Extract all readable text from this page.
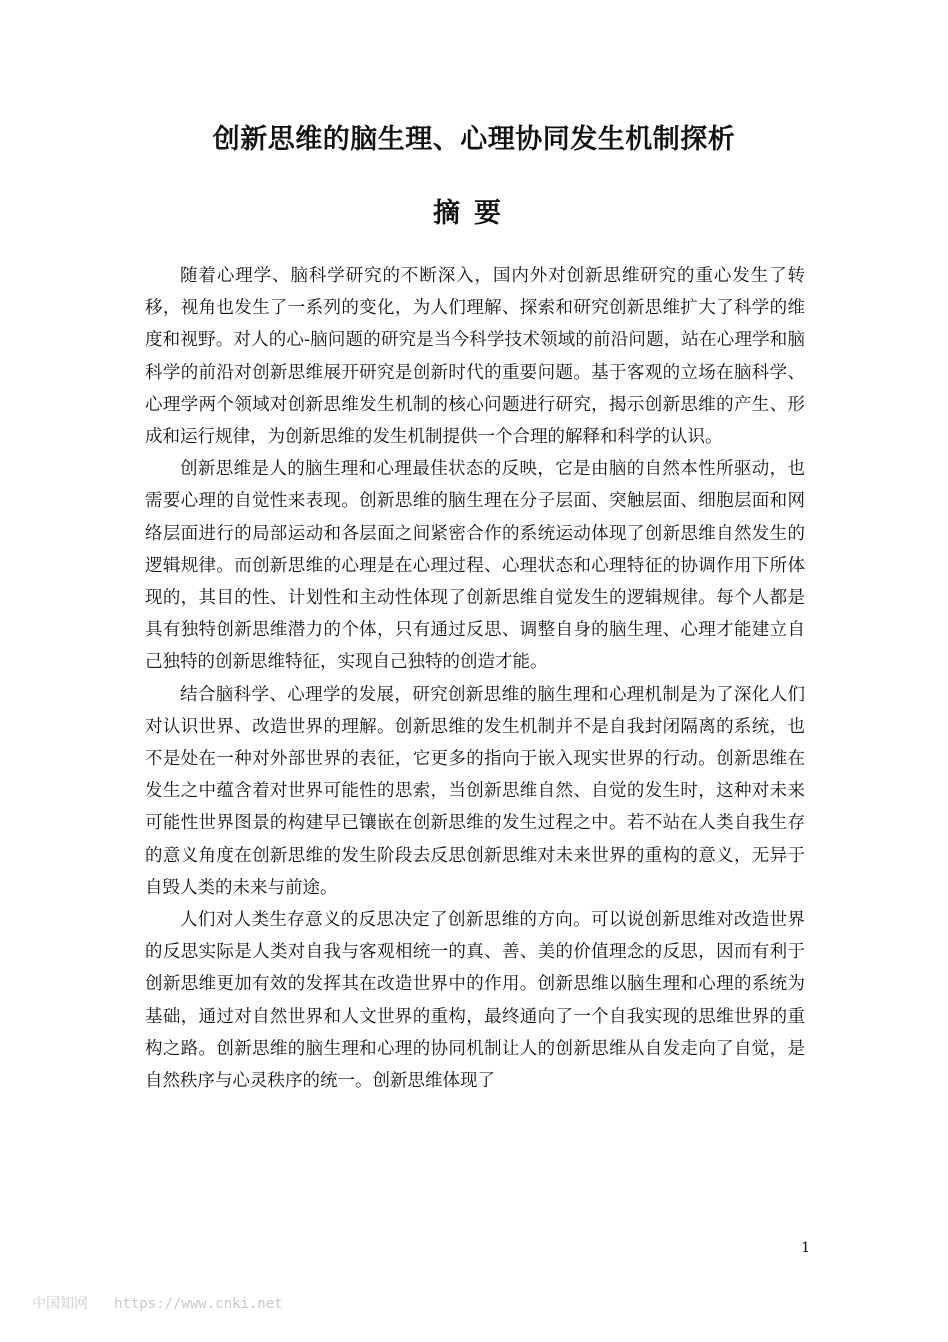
创新思维的脑生理、心理协同发生机制探析
摘要

随着心理学、脑科学研究的不断深入，国内外对创新思维研究的重心发生了转移，视角也发生了一系列的变化，为人们理解、探索和研究创新思维扩大了科学的维度和视野。对人的心-脑问题的研究是当今科学技术领域的前沿问题，站在心理学和脑科学的前沿对创新思维展开研究是创新时代的重要问题。基于客观的立场在脑科学、心理学两个领域对创新思维发生机制的核心问题进行研究，揭示创新思维的产生、形成和运行规律，为创新思维的发生机制提供一个合理的解释和科学的认识。

创新思维是人的脑生理和心理最佳状态的反映，它是由脑的自然本性所驱动，也需要心理的自觉性来表现。创新思维的脑生理在分子层面、突触层面、细胞层面和网络层面进行的局部运动和各层面之间紧密合作的系统运动体现了创新思维自然发生的逻辑规律。而创新思维的心理是在心理过程、心理状态和心理特征的协调作用下所体现的，其目的性、计划性和主动性体现了创新思维自觉发生的逻辑规律。每个人都是具有独特创新思维潜力的个体，只有通过反思、调整自身的脑生理、心理才能建立自己独特的创新思维特征，实现自己独特的创造才能。

结合脑科学、心理学的发展，研究创新思维的脑生理和心理机制是为了深化人们对认识世界、改造世界的理解。创新思维的发生机制并不是自我封闭隔离的系统，也不是处在一种对外部世界的表征，它更多的指向于嵌入现实世界的行动。创新思维在发生之中蕴含着对世界可能性的思索，当创新思维自然、自觉的发生时，这种对未来可能性世界图景的构建早已镶嵌在创新思维的发生过程之中。若不站在人类自我生存的意义角度在创新思维的发生阶段去反思创新思维对未来世界的重构的意义，无异于自毁人类的未来与前途。

人们对人类生存意义的反思决定了创新思维的方向。可以说创新思维对改造世界的反思实际是人类对自我与客观相统一的真、善、美的价值理念的反思，因而有利于创新思维更加有效的发挥其在改造世界中的作用。创新思维以脑生理和心理的系统为基础，通过对自然世界和人文世界的重构，最终通向了一个自我实现的思维世界的重构之路。创新思维的脑生理和心理的协同机制让人的创新思维从自发走向了自觉，是自然秩序与心灵秩序的统一。创新思维体现了

1
中国知网 https://www.cnki.net
